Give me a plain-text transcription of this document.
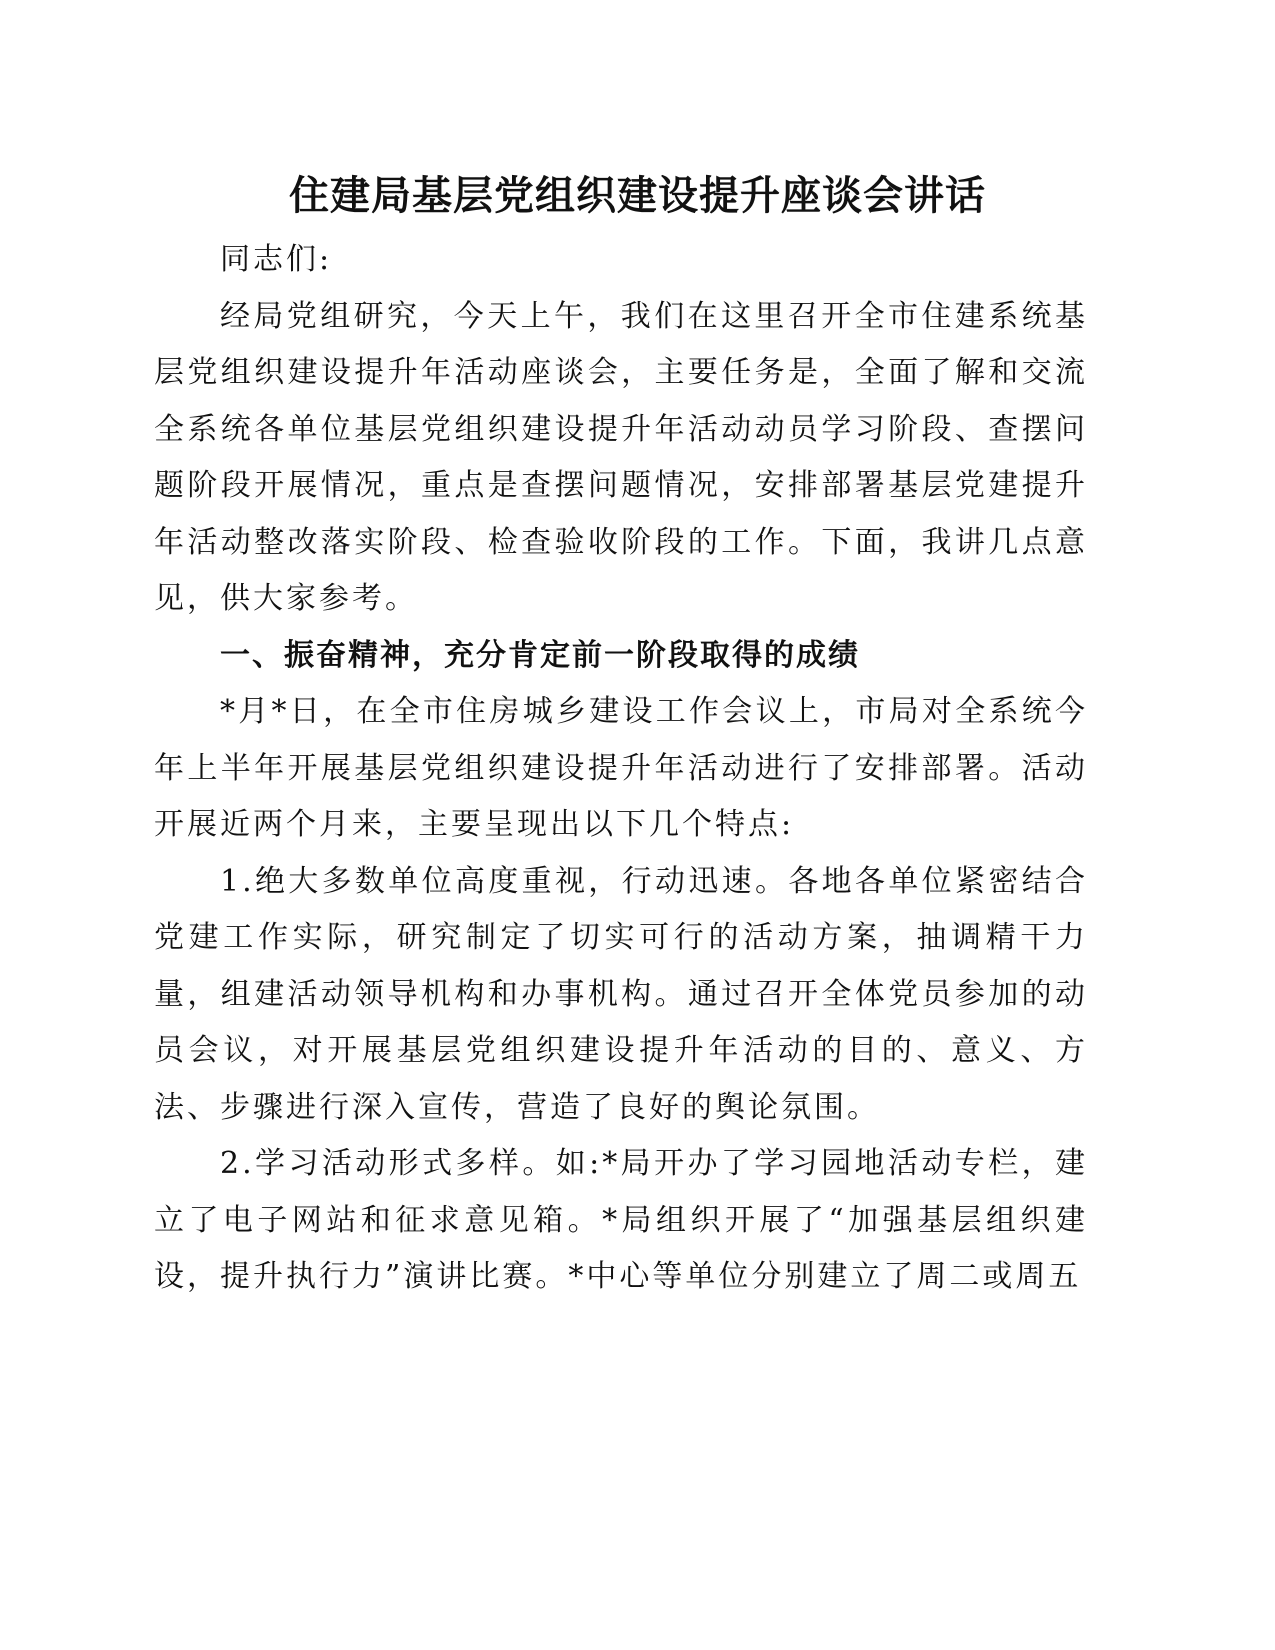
住建局基层党组织建设提升座谈会讲话

同志们:

经局党组研究，今天上午，我们在这里召开全市住建系统基层党组织建设提升年活动座谈会，主要任务是，全面了解和交流全系统各单位基层党组织建设提升年活动动员学习阶段、查摆问题阶段开展情况，重点是查摆问题情况，安排部署基层党建提升年活动整改落实阶段、检查验收阶段的工作。下面，我讲几点意见，供大家参考。

一、振奋精神，充分肯定前一阶段取得的成绩

*月*日，在全市住房城乡建设工作会议上，市局对全系统今年上半年开展基层党组织建设提升年活动进行了安排部署。活动开展近两个月来，主要呈现出以下几个特点:

1.绝大多数单位高度重视，行动迅速。各地各单位紧密结合党建工作实际，研究制定了切实可行的活动方案，抽调精干力量，组建活动领导机构和办事机构。通过召开全体党员参加的动员会议，对开展基层党组织建设提升年活动的目的、意义、方法、步骤进行深入宣传，营造了良好的舆论氛围。

2.学习活动形式多样。如:*局开办了学习园地活动专栏，建立了电子网站和征求意见箱。*局组织开展了“加强基层组织建设，提升执行力”演讲比赛。*中心等单位分别建立了周二或周五
